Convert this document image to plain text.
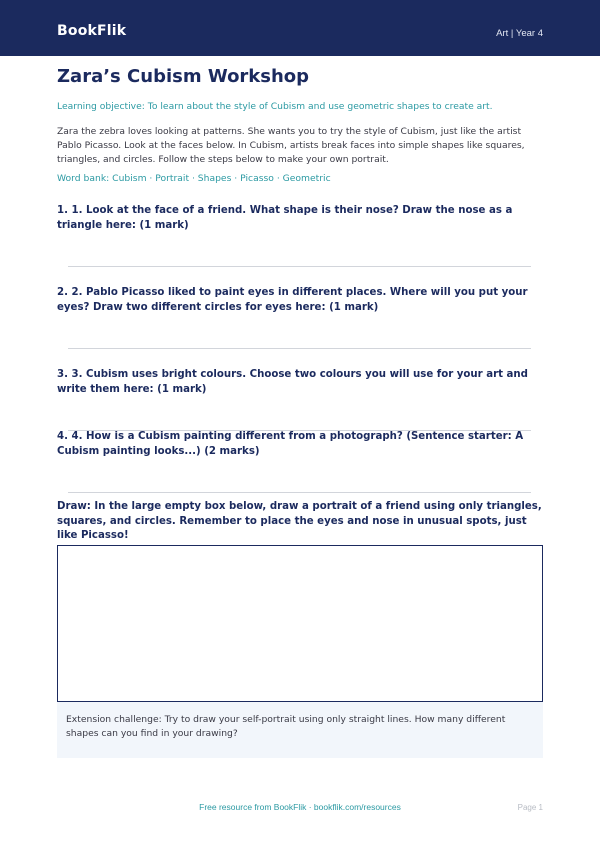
BookFlik	Art | Year 4
Zara’s Cubism Workshop
Learning objective: To learn about the style of Cubism and use geometric shapes to create art.
Zara the zebra loves looking at patterns. She wants you to try the style of Cubism, just like the artist Pablo Picasso. Look at the faces below. In Cubism, artists break faces into simple shapes like squares, triangles, and circles. Follow the steps below to make your own portrait.
Word bank: Cubism · Portrait · Shapes · Picasso · Geometric
1. 1. Look at the face of a friend. What shape is their nose? Draw the nose as a triangle here: (1 mark)
2. 2. Pablo Picasso liked to paint eyes in different places. Where will you put your eyes? Draw two different circles for eyes here: (1 mark)
3. 3. Cubism uses bright colours. Choose two colours you will use for your art and write them here: (1 mark)
4. 4. How is a Cubism painting different from a photograph? (Sentence starter: A Cubism painting looks...) (2 marks)
Draw: In the large empty box below, draw a portrait of a friend using only triangles, squares, and circles. Remember to place the eyes and nose in unusual spots, just like Picasso!
Extension challenge: Try to draw your self-portrait using only straight lines. How many different shapes can you find in your drawing?
Free resource from BookFlik · bookflik.com/resources	Page 1
